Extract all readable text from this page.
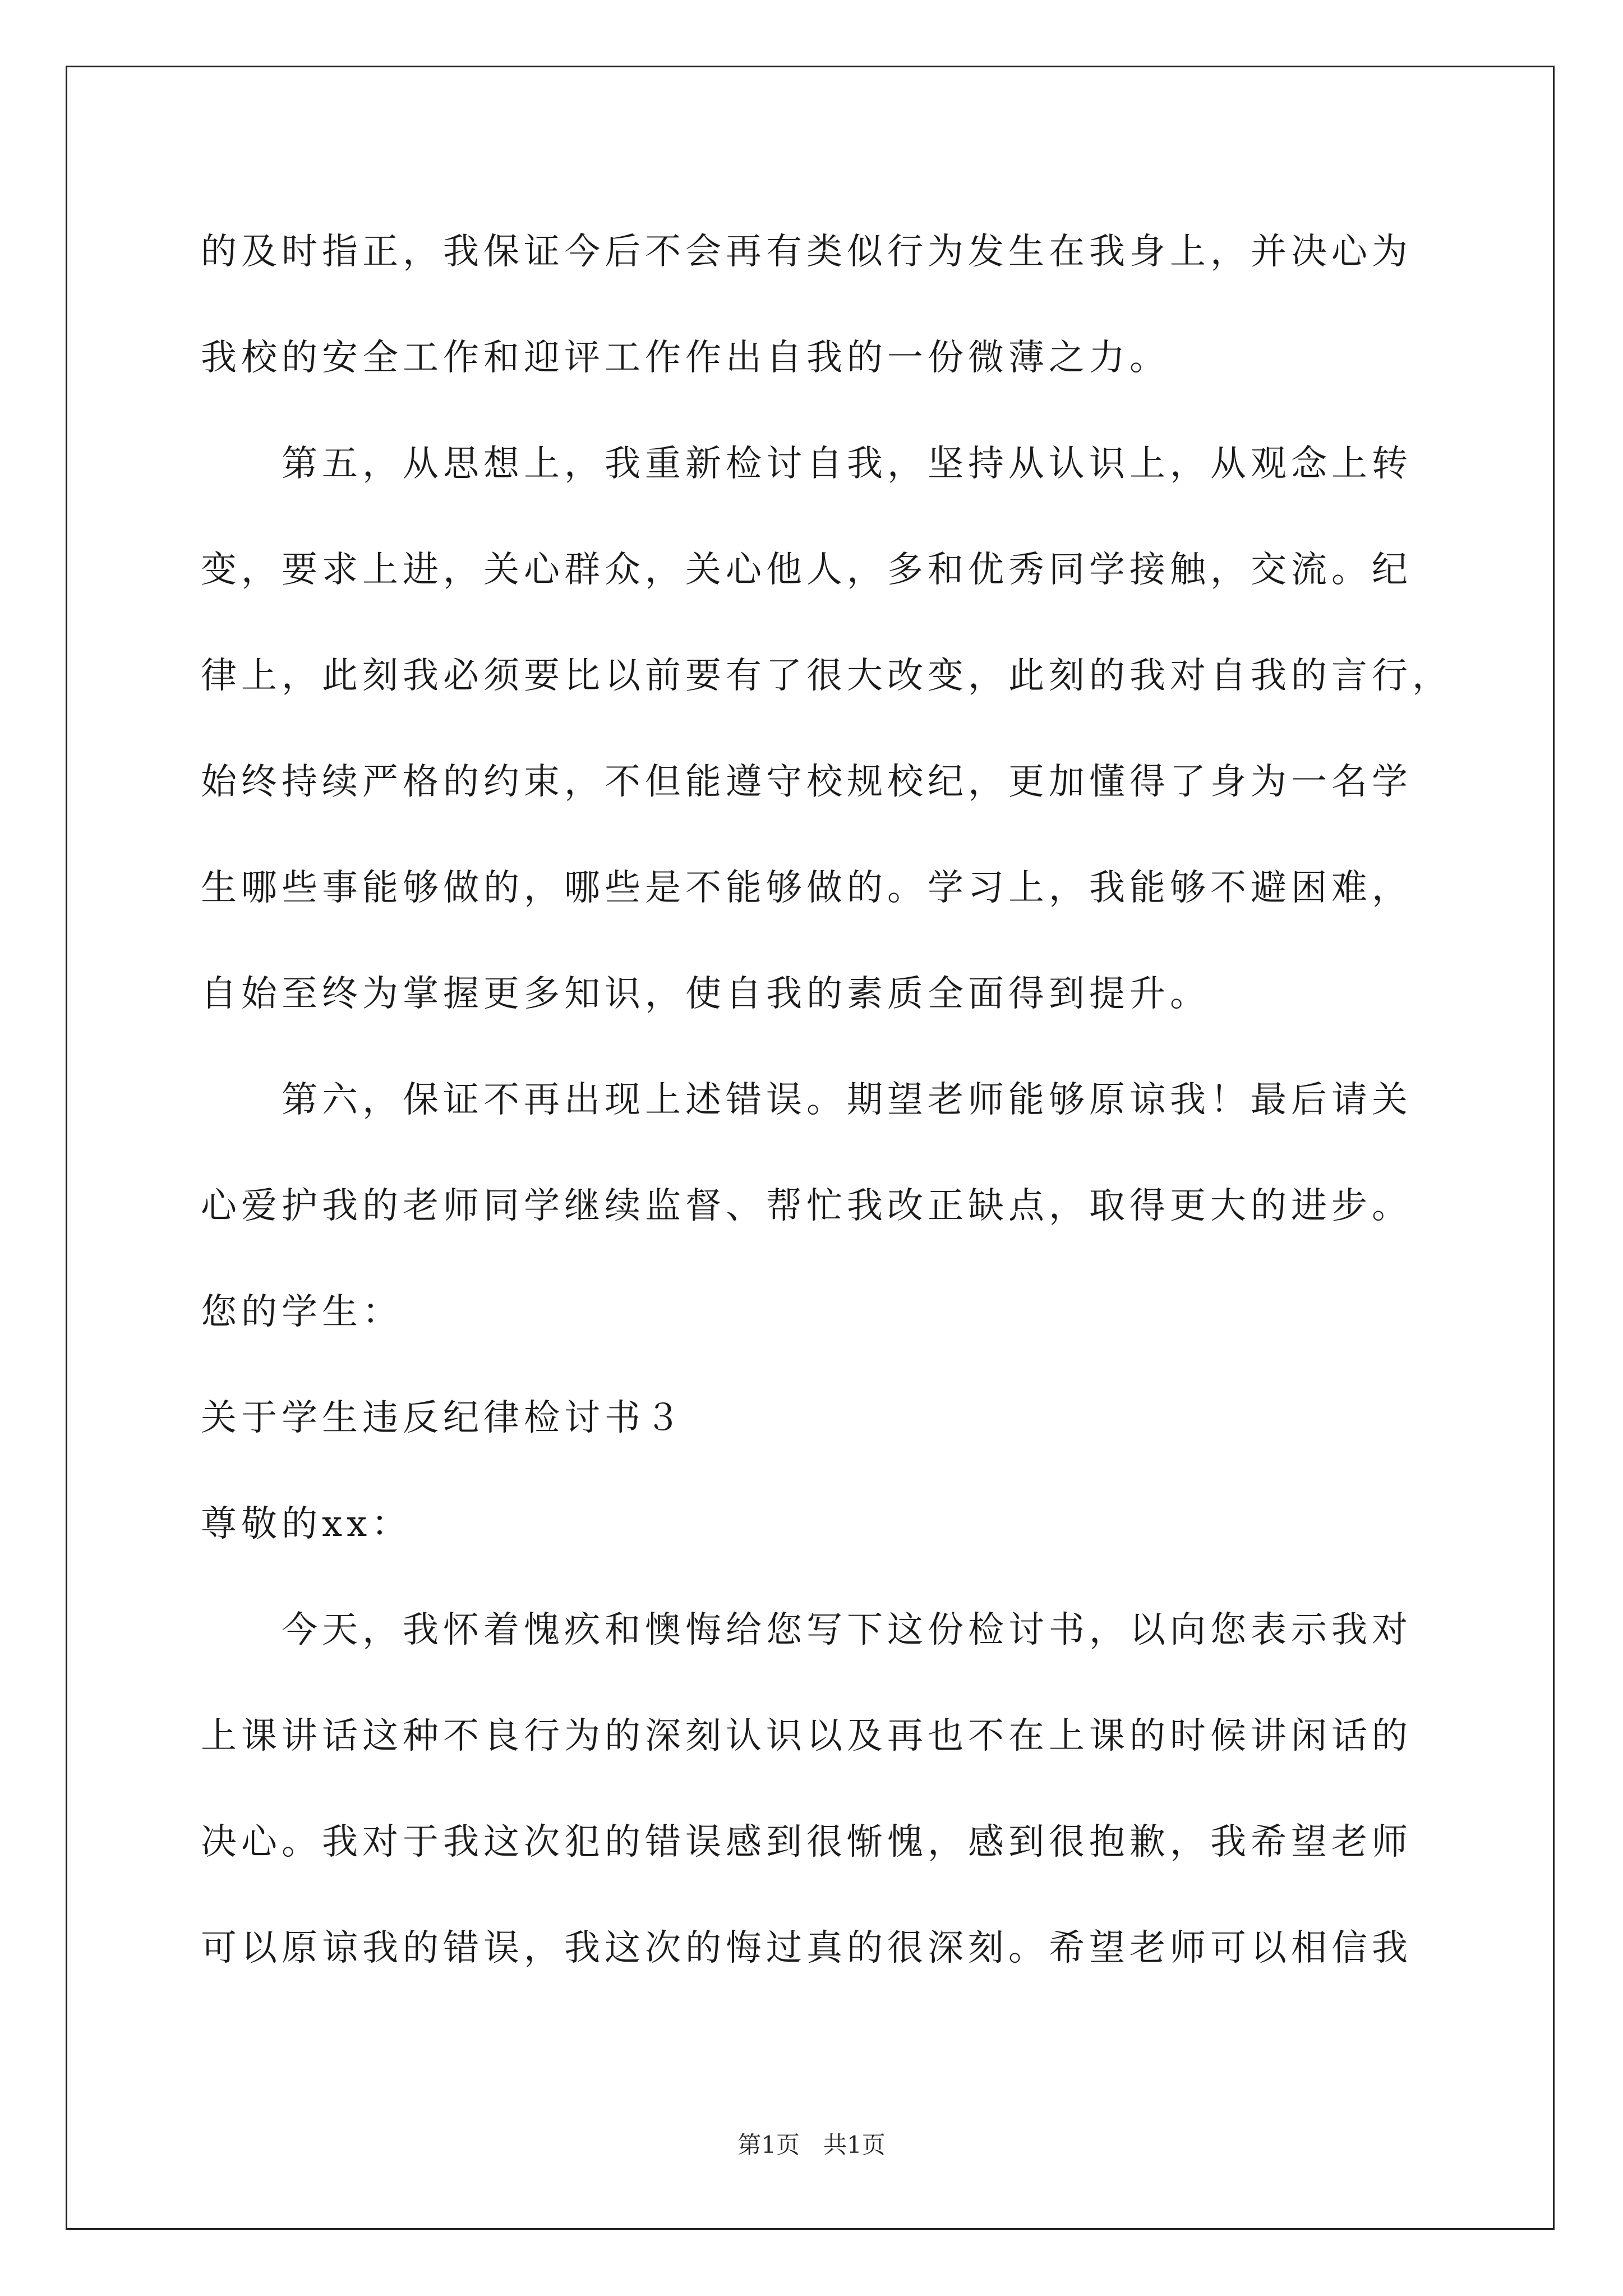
的及时指正，我保证今后不会再有类似行为发生在我身上，并决心为
我校的安全工作和迎评工作作出自我的一份微薄之力。
第五，从思想上，我重新检讨自我，坚持从认识上，从观念上转
变，要求上进，关心群众，关心他人，多和优秀同学接触，交流。纪
律上，此刻我必须要比以前要有了很大改变，此刻的我对自我的言行，
始终持续严格的约束，不但能遵守校规校纪，更加懂得了身为一名学
生哪些事能够做的，哪些是不能够做的。学习上，我能够不避困难，
自始至终为掌握更多知识，使自我的素质全面得到提升。
第六，保证不再出现上述错误。期望老师能够原谅我！最后请关
心爱护我的老师同学继续监督、帮忙我改正缺点，取得更大的进步。
您的学生：
关于学生违反纪律检讨书３
尊敬的xx：
今天，我怀着愧疚和懊悔给您写下这份检讨书，以向您表示我对
上课讲话这种不良行为的深刻认识以及再也不在上课的时候讲闲话的
决心。我对于我这次犯的错误感到很惭愧，感到很抱歉，我希望老师
可以原谅我的错误，我这次的悔过真的很深刻。希望老师可以相信我
第1页　共1页
